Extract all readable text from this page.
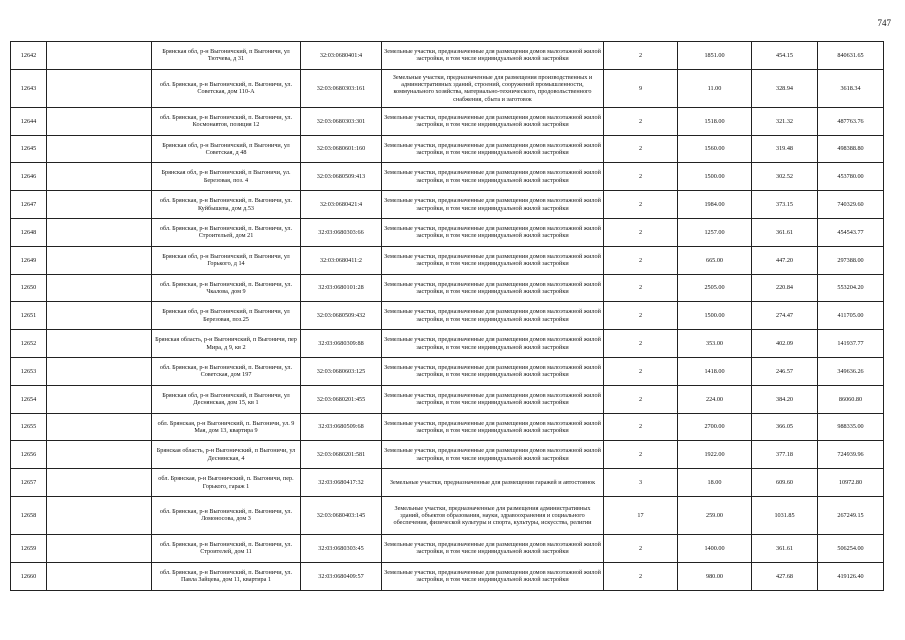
747
12642		Брянская обл, р-н Выгоничский, п Выгоничи, ул Тютчева, д 31	32:03:0680401:4	Земельные участки, предназначенные для размещения домов малоэтажной жилой застройки, в том числе индивидуальной жилой застройки	2	1851.00	454.15	840631.65
12643		обл. Брянская, р-н Выгоничский, п. Выгоничи, ул. Советская, дом 110-А	32:03:0680303:161	Земельные участки, предназначенные для размещения производственных и административных зданий, строений, сооружений промышленности, коммунального хозяйства, материально-технического, продовольственного снабжения, сбыта и заготовок	9	11.00	328.94	3618.34
12644		обл. Брянская, р-н Выгоничский, п. Выгоничи, ул. Космонавтов, позиция 12	32:03:0680303:301	Земельные участки, предназначенные для размещения домов малоэтажной жилой застройки, в том числе индивидуальной жилой застройки	2	1518.00	321.32	487763.76
12645		Брянская обл, р-н Выгоничский, п Выгоничи, ул Советская, д 48	32:03:0680601:160	Земельные участки, предназначенные для размещения домов малоэтажной жилой застройки, в том числе индивидуальной жилой застройки	2	1560.00	319.48	498388.80
12646		Брянская обл, р-н Выгоничский, п Выгоничи, ул. Березовая, поз. 4	32:03:0680509:413	Земельные участки, предназначенные для размещения домов малоэтажной жилой застройки, в том числе индивидуальной жилой застройки	2	1500.00	302.52	453780.00
12647		обл. Брянская, р-н Выгоничский, п. Выгоничи, ул. Куйбышева, дом д.53	32:03:0680421:4	Земельные участки, предназначенные для размещения домов малоэтажной жилой застройки, в том числе индивидуальной жилой застройки	2	1984.00	373.15	740329.60
12648		обл. Брянская, р-н Выгоничский, п. Выгоничи, ул. Строительей, дом 21	32:03:0680303:66	Земельные участки, предназначенные для размещения домов малоэтажной жилой застройки, в том числе индивидуальной жилой застройки	2	1257.00	361.61	454543.77
12649		Брянская обл, р-н Выгоничский, п Выгоничи, ул Горького, д 14	32:03:0680411:2	Земельные участки, предназначенные для размещения домов малоэтажной жилой застройки, в том числе индивидуальной жилой застройки	2	665.00	447.20	297388.00
12650		обл. Брянская, р-н Выгоничский, п. Выгоничи, ул. Чкалова, дом 9	32:03:0680101:28	Земельные участки, предназначенные для размещения домов малоэтажной жилой застройки, в том числе индивидуальной жилой застройки	2	2505.00	220.84	553204.20
12651		Брянская обл, р-н Выгоничский, п Выгоничи, ул Березовая, поз.25	32:03:0680509:432	Земельные участки, предназначенные для размещения домов малоэтажной жилой застройки, в том числе индивидуальной жилой застройки	2	1500.00	274.47	411705.00
12652		Брянская область, р-н Выгоничский, п Выгоничи, пер Мира, д 9, кв 2	32:03:0680309:88	Земельные участки, предназначенные для размещения домов малоэтажной жилой застройки, в том числе индивидуальной жилой застройки	2	353.00	402.09	141937.77
12653		обл. Брянская, р-н Выгоничский, п. Выгоничи, ул. Советская, дом 197	32:03:0680603:125	Земельные участки, предназначенные для размещения домов малоэтажной жилой застройки, в том числе индивидуальной жилой застройки	2	1418.00	246.57	349636.26
12654		Брянская обл, р-н Выгоничский, п Выгоничи, ул Деснянская, дом 15, кв 1	32:03:0680201:455	Земельные участки, предназначенные для размещения домов малоэтажной жилой застройки, в том числе индивидуальной жилой застройки	2	224.00	384.20	86060.80
12655		обл. Брянская, р-н Выгоничский, п. Выгоничи, ул. 9 Мая, дом 13, квартира 9	32:03:0680509:68	Земельные участки, предназначенные для размещения домов малоэтажной жилой застройки, в том числе индивидуальной жилой застройки	2	2700.00	366.05	988335.00
12656		Брянская область, р-н Выгоничский, п Выгоничи, ул Деснянская, 4	32:03:0680201:581	Земельные участки, предназначенные для размещения домов малоэтажной жилой застройки, в том числе индивидуальной жилой застройки	2	1922.00	377.18	724939.96
12657		обл. Брянская, р-н Выгоничский, п. Выгоничи, пер. Горького, гараж 1	32:03:0680417:32	Земельные участки, предназначенные для размещения гаражей и автостоянок	3	18.00	609.60	10972.80
12658		обл. Брянская, р-н Выгоничский, п. Выгоничи, ул. Ломоносова, дом 3	32:03:0680403:145	Земельные участки, предназначенные для размещения административных зданий, объектов образования, науки, здравоохранения и социального обеспечения, физической культуры и спорта, культуры, искусства, религии	17	259.00	1031.85	267249.15
12659		обл. Брянская, р-н Выгоничский, п. Выгоничи, ул. Строителей, дом 11	32:03:0680303:45	Земельные участки, предназначенные для размещения домов малоэтажной жилой застройки, в том числе индивидуальной жилой застройки	2	1400.00	361.61	506254.00
12660		обл. Брянская, р-н Выгоничский, п. Выгоничи, ул. Павла Зайцева, дом 11, квартира 1	32:03:0680409:57	Земельные участки, предназначенные для размещения домов малоэтажной жилой застройки, в том числе индивидуальной жилой застройки	2	980.00	427.68	419126.40
